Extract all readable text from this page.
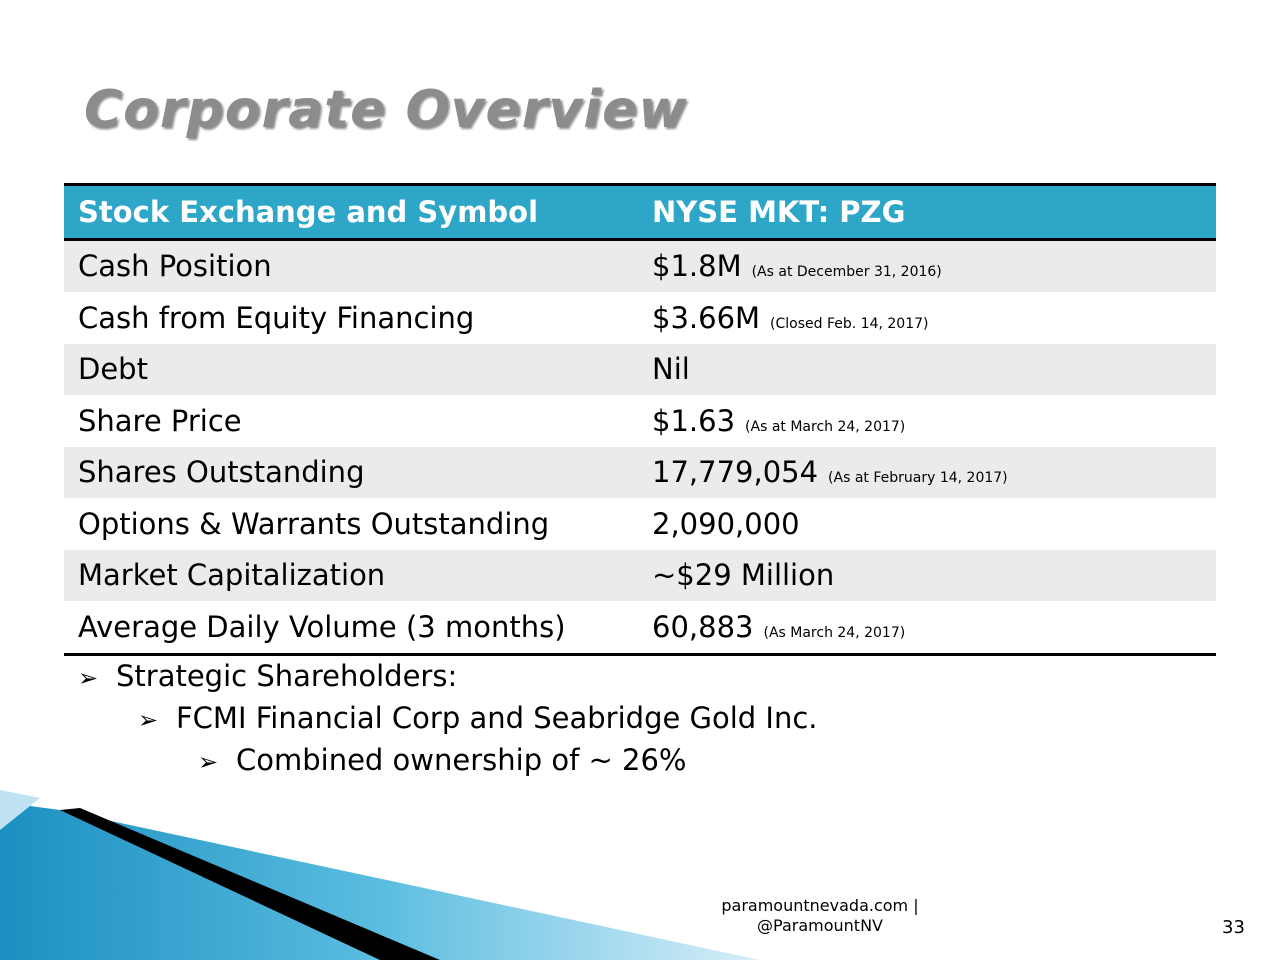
Corporate Overview
Stock Exchange and Symbol	NYSE MKT: PZG
Cash Position	$1.8M (As at December 31, 2016)
Cash from Equity Financing	$3.66M (Closed Feb. 14, 2017)
Debt	Nil
Share Price	$1.63 (As at March 24, 2017)
Shares Outstanding	17,779,054 (As at February 14, 2017)
Options & Warrants Outstanding	2,090,000
Market Capitalization	~$29 Million
Average Daily Volume (3 months)	60,883 (As March 24, 2017)
➢ Strategic Shareholders:
➢ FCMI Financial Corp and Seabridge Gold Inc.
➢ Combined ownership of ~ 26%
paramountnevada.com |
@ParamountNV	33
